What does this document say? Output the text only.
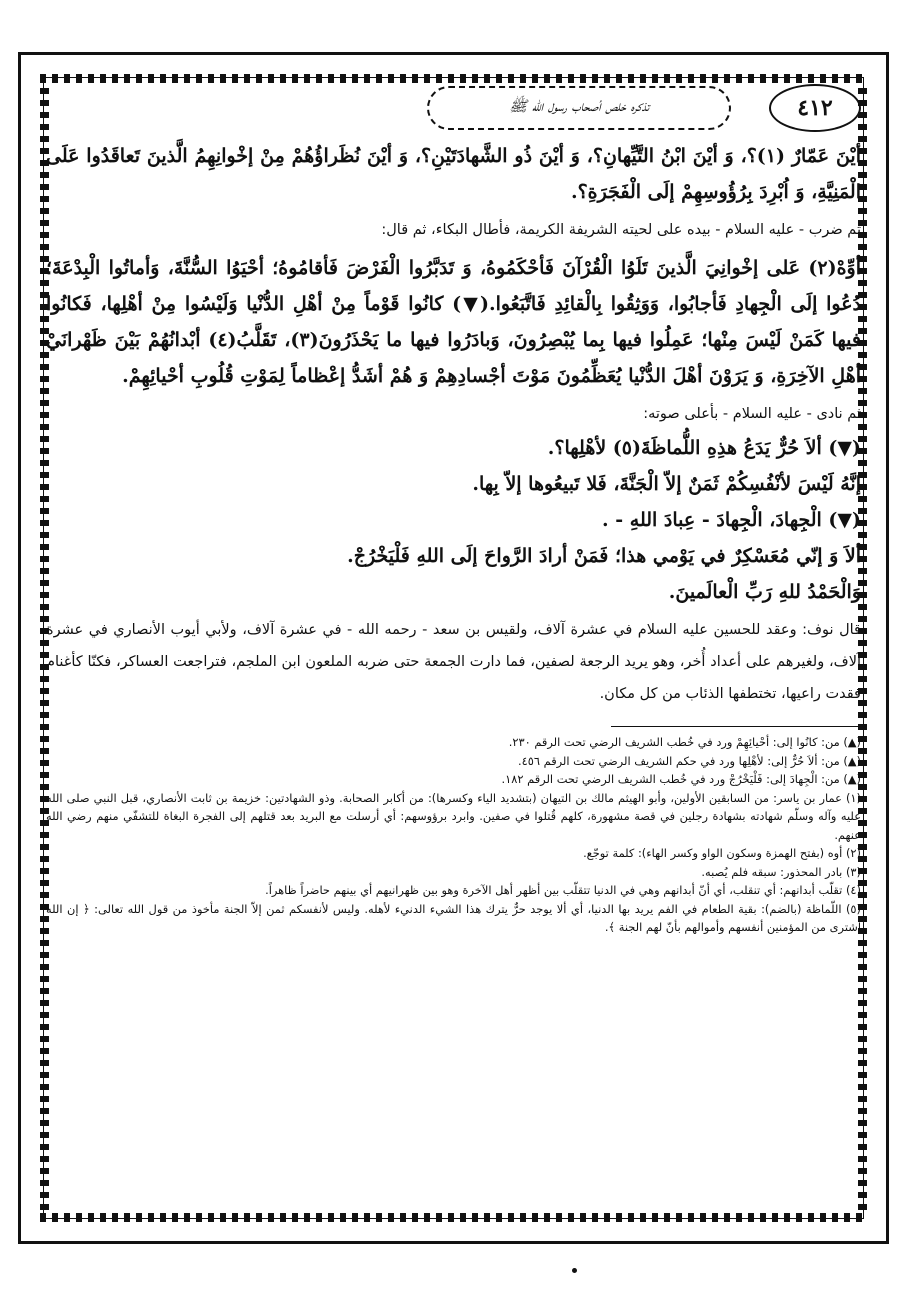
٤١٢
تذكره خلص أصحاب رسول الله ﷺ

أيْنَ عَمّارٌ (١)؟، وَ أيْنَ ابْنُ التَّيِّهانِ؟، وَ أيْنَ ذُو الشَّهادَتَيْنِ؟، وَ أيْنَ نُظَراؤُهُمْ مِنْ إخْوانِهِمُ الَّذينَ تَعاقَدُوا عَلَى الْمَنِيَّةِ، وَ اُبْرِدَ بِرُؤُوسِهِمْ إلَى الْفَجَرَةِ؟.

ثم ضرب - عليه السلام - بيده على لحيته الشريفة الكريمة، فأطال البكاء، ثم قال:

أوِّهْ(٢) عَلى إخْوانِيَ الَّذينَ تَلَوُا الْقُرْآنَ فَأحْكَمُوهُ، وَ تَدَبَّرُوا الْفَرْضَ فَأقامُوهُ؛ أحْيَوُا السُّنَّةَ، وَأماتُوا الْبِدْعَةَ؛ دُعُوا إلَى الْجِهادِ فَأجابُوا، وَوَثِقُوا بِالْقائِدِ فَاتَّبَعُوا.(▼) كانُوا قَوْماً مِنْ أهْلِ الدُّنْيا وَلَيْسُوا مِنْ أهْلِها، فَكانُوا فيها كَمَنْ لَيْسَ مِنْها؛ عَمِلُوا فيها بِما يُبْصِرُونَ، وَبادَرُوا فيها ما يَحْذَرُونَ(٣)، تَقَلَّبُ(٤) أبْدانُهُمْ بَيْنَ ظَهْرانَيْ أهْلِ الآخِرَةِ، وَ يَرَوْنَ أهْلَ الدُّنْيا يُعَظِّمُونَ مَوْتَ أجْسادِهِمْ وَ هُمْ أشَدُّ إعْظاماً لِمَوْتِ قُلُوبِ أحْيائِهِمْ.

ثم نادى - عليه السلام - بأعلى صوته:

(▼) ألاَ حُرٌّ يَدَعُ هذِهِ اللُّماظَةَ(٥) لأهْلِها؟.

إنَّهُ لَيْسَ لأنْفُسِكُمْ ثَمَنٌ إلاّ الْجَنَّةَ، فَلا تَبيعُوها إلاّ بِها.

(▼) الْجِهادَ، الْجِهادَ - عِبادَ اللهِ - .

ألاَ وَ إنّي مُعَسْكِرٌ في يَوْمي هذا؛ فَمَنْ أرادَ الرَّواحَ إلَى اللهِ فَلْيَخْرُجْ.

وَالْحَمْدُ للهِ رَبِّ الْعالَمينَ.

قال نوف: وعقد للحسين عليه السلام في عشرة آلاف، ولقيس بن سعد - رحمه الله - في عشرة آلاف، ولأبي أيوب الأنصاري في عشرة آلاف، ولغيرهم على أعداد أُخر، وهو يريد الرجعة لصفين، فما دارت الجمعة حتى ضربه الملعون ابن الملجم، فتراجعت العساكر، فكنّا كأغنام فقدت راعيها، تختطفها الذئاب من كل مكان.

(▲) من: كانُوا إلى: أحْيائِهِمْ ورد في خُطب الشريف الرضي تحت الرقم ٢٣٠.

(▲) من: ألاَ حُرٌّ إلى: لأهْلِها ورد في حكم الشريف الرضي تحت الرقم ٤٥٦.

(▲) من: الْجِهادَ إلى: فَلْيَخْرُجْ ورد في خُطب الشريف الرضي تحت الرقم ١٨٢.

(١) عمار بن ياسر: من السابقين الأولين، وأبو الهيثم مالك بن التيهان (بتشديد الياء وكسرها): من أكابر الصحابة. وذو الشهادتين: خزيمة بن ثابت الأنصاري، قبل النبي صلى الله عليه وآله وسلّم شهادته بشهادة رجلين في قصة مشهورة، كلهم قُتلوا في صفين. وابرد برؤوسهم: أي أرسلت مع البريد بعد قتلهم إلى الفجرة البغاة للتشفّي منهم رضي الله عنهم.

(٢) أوه (بفتح الهمزة وسكون الواو وكسر الهاء): كلمة توجّع.

(٣) بادر المحذور: سبقه فلم يُصبه.

(٤) تقلّب أبدانهم: أي تنقلب، أي أنّ أبدانهم وهي في الدنيا تتقلّب بين أظهر أهل الآخرة وهو بين ظهرانيهم أي بينهم حاضراً ظاهراً.

(٥) اللّماظة (بالضم): بقية الطعام في الفم يريد بها الدنيا، أي ألا يوجد حرٌّ يترك هذا الشيء الدنيء لأهله. وليس لأنفسكم ثمن إلاّ الجنة مأخوذ من قول الله تعالى: ﴿ إن الله اشترى من المؤمنين أنفسهم وأموالهم بأنّ لهم الجنة ﴾.
